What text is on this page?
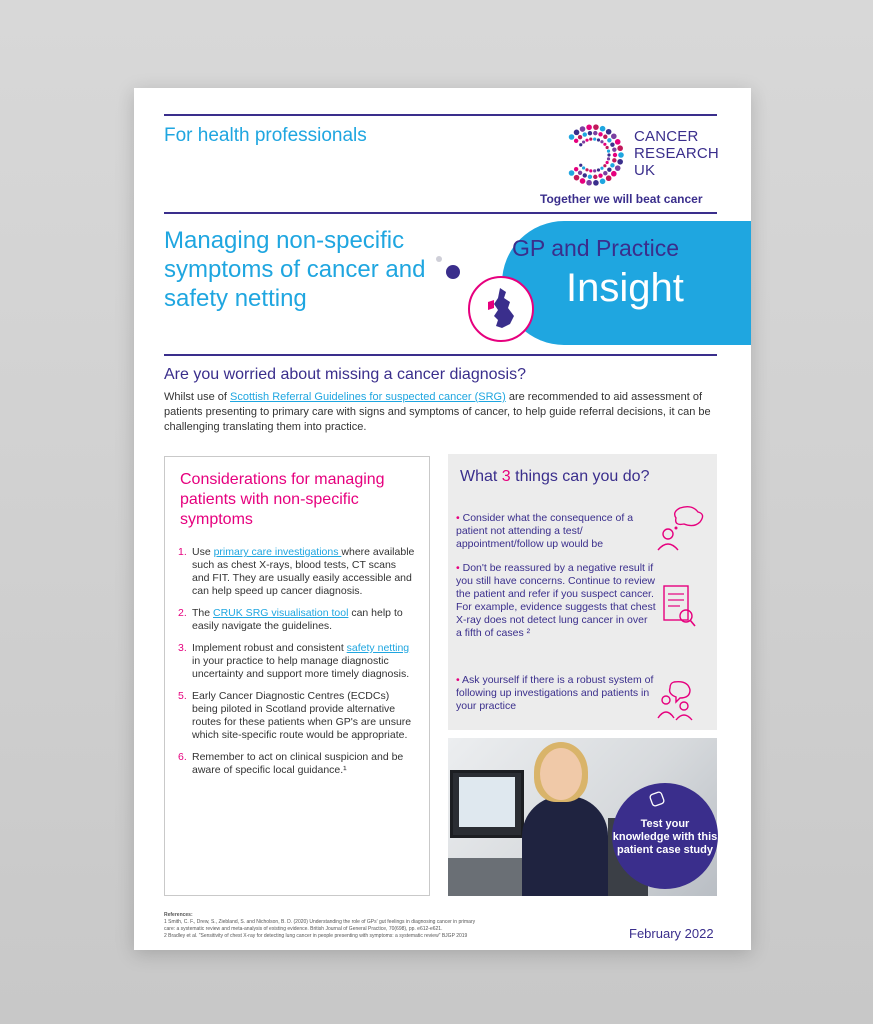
For health professionals	CANCER
RESEARCH
UK
Together we will beat cancer
Managing non-specific symptoms of cancer and safety netting
GP and Practice
Insight
Are you worried about missing a cancer diagnosis?
Whilst use of Scottish Referral Guidelines for suspected cancer (SRG) are recommended to aid assessment of patients presenting to primary care with signs and symptoms of cancer, to help guide referral decisions, it can be challenging translating them into practice.
Considerations for managing patients with non-specific symptoms
1. Use primary care investigations where available such as chest X-rays, blood tests, CT scans and FIT. They are usually easily accessible and can help speed up cancer diagnosis.
2. The CRUK SRG visualisation tool can help to easily navigate the guidelines.
3. Implement robust and consistent safety netting in your practice to help manage diagnostic uncertainty and support more timely diagnosis.
5. Early Cancer Diagnostic Centres (ECDCs) being piloted in Scotland provide alternative routes for these patients when GP's are unsure which site-specific route would be appropriate.
6. Remember to act on clinical suspicion and be aware of specific local guidance.¹
What 3 things can you do?
• Consider what the consequence of a patient not attending a test/ appointment/follow up would be
• Don't be reassured by a negative result if you still have concerns. Continue to review the patient and refer if you suspect cancer. For example, evidence suggests that chest X-ray does not detect lung cancer in over a fifth of cases ²
• Ask yourself if there is a robust system of following up investigations and patients in your practice
Test your knowledge with this patient case study
References:
1 Smith, C. F., Drew, S., Ziebland, S. and Nicholson, B. D. (2020) Understanding the role of GPs' gut feelings in diagnosing cancer in primary
care: a systematic review and meta-analysis of existing evidence. British Journal of General Practice, 70(698), pp. e612-e621.
2 Bradley et al. "Sensitivity of chest X-ray for detecting lung cancer in people presenting with symptoms: a systematic review" BJGP 2019	February 2022
